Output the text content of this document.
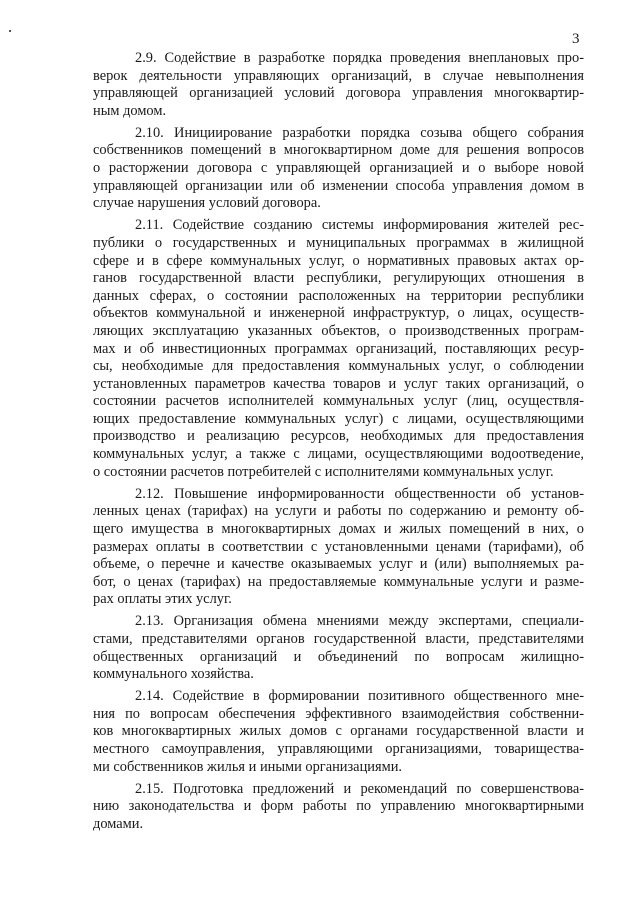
3

2.9. Содействие в разработке порядка проведения внеплановых про-
верок деятельности управляющих организаций, в случае невыполнения
управляющей организацией условий договора управления многоквартир-
ным домом.

2.10. Инициирование разработки порядка созыва общего собрания
собственников помещений в многоквартирном доме для решения вопросов
о расторжении договора с управляющей организацией и о выборе новой
управляющей организации или об изменении способа управления домом в
случае нарушения условий договора.

2.11. Содействие созданию системы информирования жителей рес-
публики о государственных и муниципальных программах в жилищной
сфере и в сфере коммунальных услуг, о нормативных правовых актах ор-
ганов государственной власти республики, регулирующих отношения в
данных сферах, о состоянии расположенных на территории республики
объектов коммунальной и инженерной инфраструктур, о лицах, осуществ-
ляющих эксплуатацию указанных объектов, о производственных програм-
мах и об инвестиционных программах организаций, поставляющих ресур-
сы, необходимые для предоставления коммунальных услуг, о соблюдении
установленных параметров качества товаров и услуг таких организаций, о
состоянии расчетов исполнителей коммунальных услуг (лиц, осуществля-
ющих предоставление коммунальных услуг) с лицами, осуществляющими
производство и реализацию ресурсов, необходимых для предоставления
коммунальных услуг, а также с лицами, осуществляющими водоотведение,
о состоянии расчетов потребителей с исполнителями коммунальных услуг.

2.12. Повышение информированности общественности об установ-
ленных ценах (тарифах) на услуги и работы по содержанию и ремонту об-
щего имущества в многоквартирных домах и жилых помещений в них, о
размерах оплаты в соответствии с установленными ценами (тарифами), об
объеме, о перечне и качестве оказываемых услуг и (или) выполняемых ра-
бот, о ценах (тарифах) на предоставляемые коммунальные услуги и разме-
рах оплаты этих услуг.

2.13. Организация обмена мнениями между экспертами, специали-
стами, представителями органов государственной власти, представителями
общественных организаций и объединений по вопросам жилищно-
коммунального хозяйства.

2.14. Содействие в формировании позитивного общественного мне-
ния по вопросам обеспечения эффективного взаимодействия собственни-
ков многоквартирных жилых домов с органами государственной власти и
местного самоуправления, управляющими организациями, товарищества-
ми собственников жилья и иными организациями.

2.15. Подготовка предложений и рекомендаций по совершенствова-
нию законодательства и форм работы по управлению многоквартирными
домами.
